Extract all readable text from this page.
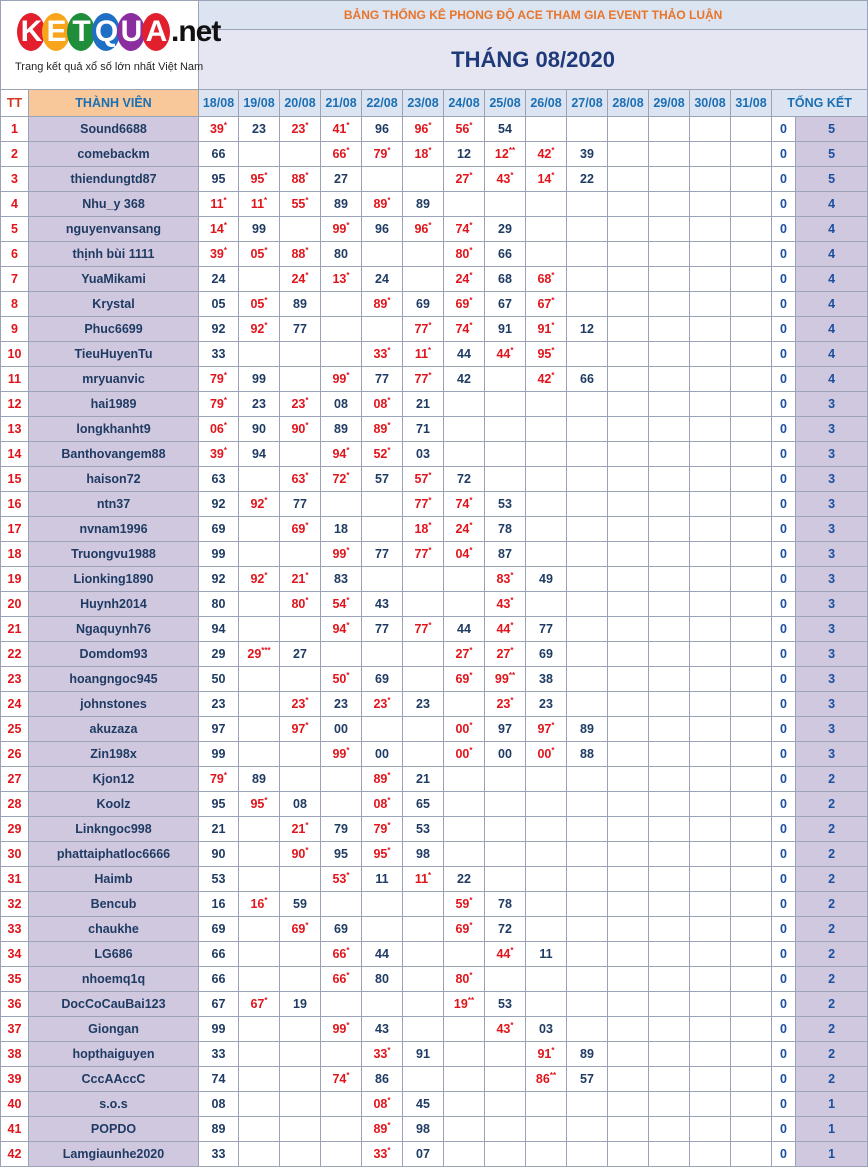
K E T Q U A .net
Trang kết quả xổ số lớn nhất Việt Nam		BẢNG THỐNG KÊ PHONG ĐỘ ACE THAM GIA EVENT THẢO LUẬN															
		THÁNG 08/2020															
TT	THÀNH VIÊN	18/08	19/08	20/08	21/08	22/08	23/08	24/08	25/08	26/08	27/08	28/08	29/08	30/08	31/08	TỔNG KẾT	
1	Sound6688	39*	23	23*	41*	96	96*	56*	54							0	5
2	comebackm	66			66*	79*	18*	12	12**	42*	39					0	5
3	thiendungtd87	95	95*	88*	27			27*	43*	14*	22					0	5
4	Nhu_y 368	11*	11*	55*	89	89*	89									0	4
5	nguyenvansang	14*	99		99*	96	96*	74*	29							0	4
6	thịnh bùi 1111	39*	05*	88*	80			80*	66							0	4
7	YuaMikami	24		24*	13*	24		24*	68	68*						0	4
8	Krystal	05	05*	89		89*	69	69*	67	67*						0	4
9	Phuc6699	92	92*	77			77*	74*	91	91*	12					0	4
10	TieuHuyenTu	33				33*	11*	44	44*	95*						0	4
11	mryuanvic	79*	99		99*	77	77*	42		42*	66					0	4
12	hai1989	79*	23	23*	08	08*	21									0	3
13	longkhanht9	06*	90	90*	89	89*	71									0	3
14	Banthovangem88	39*	94		94*	52*	03									0	3
15	haison72	63		63*	72*	57	57*	72								0	3
16	ntn37	92	92*	77			77*	74*	53							0	3
17	nvnam1996	69		69*	18		18*	24*	78							0	3
18	Truongvu1988	99			99*	77	77*	04*	87							0	3
19	Lionking1890	92	92*	21*	83				83*	49						0	3
20	Huynh2014	80		80*	54*	43			43*							0	3
21	Ngaquynh76	94			94*	77	77*	44	44*	77						0	3
22	Domdom93	29	29***	27				27*	27*	69						0	3
23	hoangngoc945	50			50*	69		69*	99**	38						0	3
24	johnstones	23		23*	23	23*	23		23*	23						0	3
25	akuzaza	97		97*	00			00*	97	97*	89					0	3
26	Zin198x	99			99*	00		00*	00	00*	88					0	3
27	Kjon12	79*	89			89*	21									0	2
28	Koolz	95	95*	08		08*	65									0	2
29	Linkngoc998	21		21*	79	79*	53									0	2
30	phattaiphatloc6666	90		90*	95	95*	98									0	2
31	Haimb	53			53*	11	11*	22								0	2
32	Bencub	16	16*	59				59*	78							0	2
33	chaukhe	69		69*	69			69*	72							0	2
34	LG686	66			66*	44			44*	11						0	2
35	nhoemq1q	66			66*	80		80*								0	2
36	DocCoCauBai123	67	67*	19				19**	53							0	2
37	Giongan	99			99*	43			43*	03						0	2
38	hopthaiguyen	33				33*	91			91*	89					0	2
39	CccAAccC	74			74*	86				86**	57					0	2
40	s.o.s	08				08*	45									0	1
41	POPDO	89				89*	98									0	1
42	Lamgiaunhe2020	33				33*	07									0	1
